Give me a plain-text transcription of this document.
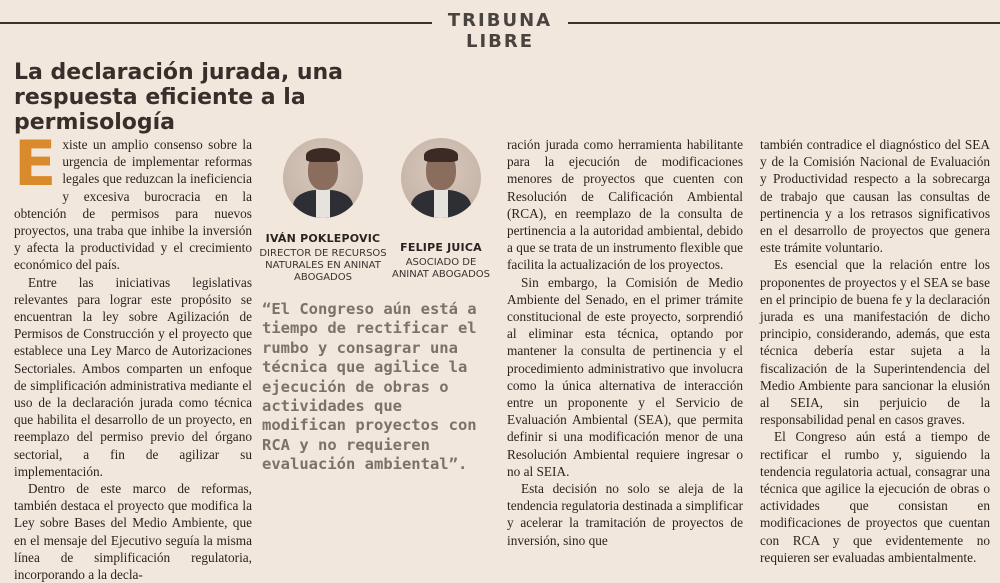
TRIBUNA LIBRE
La declaración jurada, una respuesta eficiente a la permisología

Existe un amplio consenso sobre la urgencia de implementar reformas legales que reduzcan la ineficiencia y excesiva burocracia en la obtención de permisos para nuevos proyectos, una traba que inhibe la inversión y afecta la productividad y el crecimiento económico del país.

Entre las iniciativas legislativas relevantes para lograr este propósito se encuentran la ley sobre Agilización de Permisos de Construcción y el proyecto que establece una Ley Marco de Autorizaciones Sectoriales. Ambos comparten un enfoque de simplificación administrativa mediante el uso de la declaración jurada como técnica que habilita el desarrollo de un proyecto, en reemplazo del permiso previo del órgano sectorial, a fin de agilizar su implementación.

Dentro de este marco de reformas, también destaca el proyecto que modifica la Ley sobre Bases del Medio Ambiente, que en el mensaje del Ejecutivo seguía la misma línea de simplificación regulatoria, incorporando a la decla-

IVÁN POKLEPOVIC
DIRECTOR DE RECURSOS NATURALES EN ANINAT ABOGADOS
FELIPE JUICA
ASOCIADO DE ANINAT ABOGADOS
“El Congreso aún está a tiempo de rectificar el rumbo y consagrar una técnica que agilice la ejecución de obras o actividades que modifican proyectos con RCA y no requieren evaluación ambiental”.

ración jurada como herramienta habilitante para la ejecución de modificaciones menores de proyectos que cuenten con Resolución de Calificación Ambiental (RCA), en reemplazo de la consulta de pertinencia a la autoridad ambiental, debido a que se trata de un instrumento flexible que facilita la actualización de los proyectos.

Sin embargo, la Comisión de Medio Ambiente del Senado, en el primer trámite constitucional de este proyecto, sorprendió al eliminar esta técnica, optando por mantener la consulta de pertinencia y el procedimiento administrativo que involucra como la única alternativa de interacción entre un proponente y el Servicio de Evaluación Ambiental (SEA), que permita definir si una modificación menor de una Resolución Ambiental requiere ingresar o no al SEIA.

Esta decisión no solo se aleja de la tendencia regulatoria destinada a simplificar y acelerar la tramitación de proyectos de inversión, sino que

también contradice el diagnóstico del SEA y de la Comisión Nacional de Evaluación y Productividad respecto a la sobrecarga de trabajo que causan las consultas de pertinencia y a los retrasos significativos en el desarrollo de proyectos que genera este trámite voluntario.

Es esencial que la relación entre los proponentes de proyectos y el SEA se base en el principio de buena fe y la declaración jurada es una manifestación de dicho principio, considerando, además, que esta técnica debería estar sujeta a la fiscalización de la Superintendencia del Medio Ambiente para sancionar la elusión al SEIA, sin perjuicio de la responsabilidad penal en casos graves.

El Congreso aún está a tiempo de rectificar el rumbo y, siguiendo la tendencia regulatoria actual, consagrar una técnica que agilice la ejecución de obras o actividades que consistan en modificaciones de proyectos que cuentan con RCA y que evidentemente no requieren ser evaluadas ambientalmente.
